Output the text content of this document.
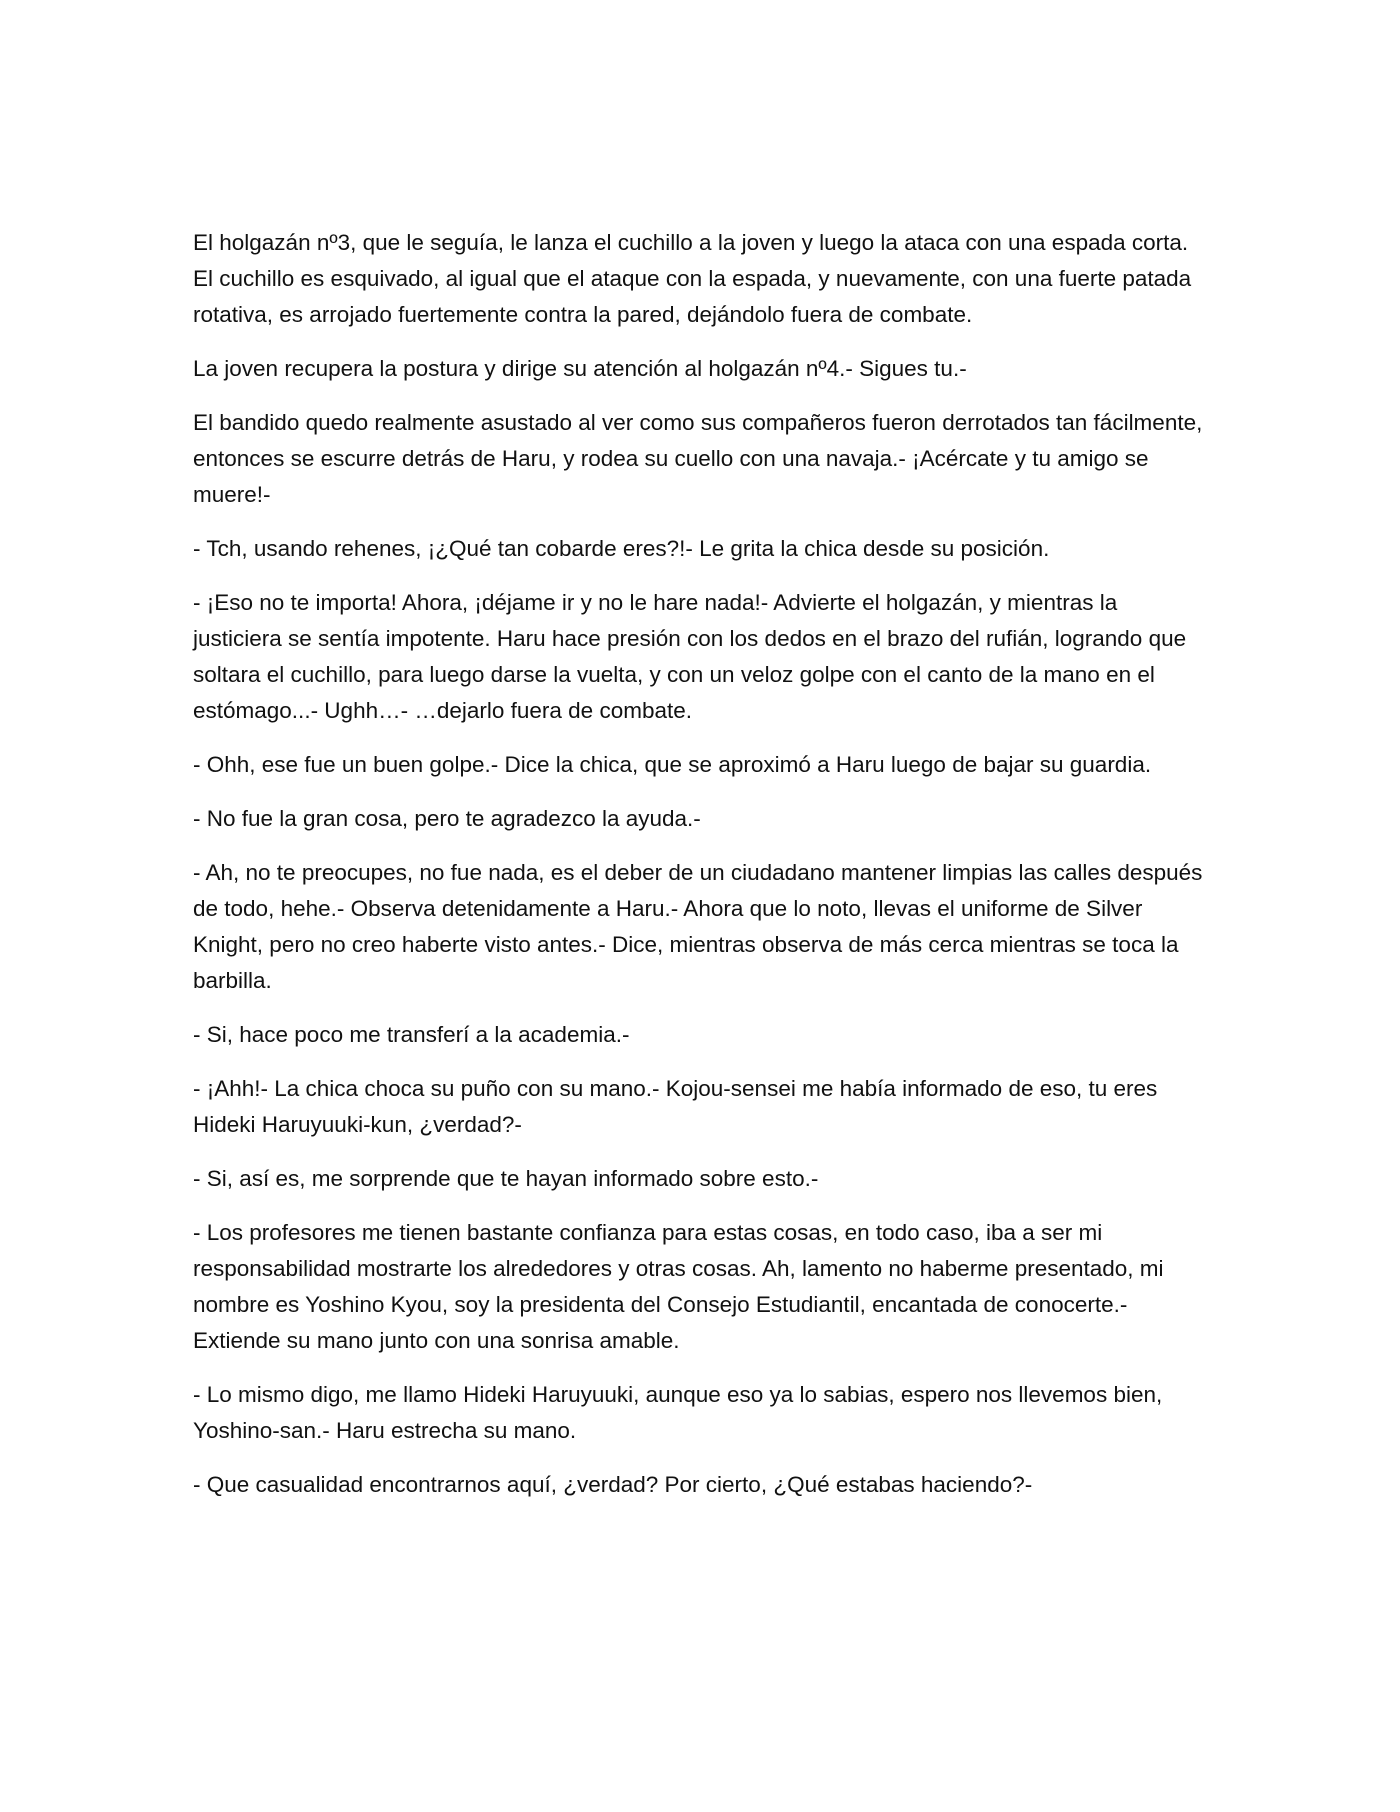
El holgazán nº3, que le seguía, le lanza el cuchillo a la joven y luego la ataca con una espada corta. El cuchillo es esquivado, al igual que el ataque con la espada, y nuevamente, con una fuerte patada rotativa, es arrojado fuertemente contra la pared, dejándolo fuera de combate.

La joven recupera la postura y dirige su atención al holgazán nº4.- Sigues tu.-

El bandido quedo realmente asustado al ver como sus compañeros fueron derrotados tan fácilmente, entonces se escurre detrás de Haru, y rodea su cuello con una navaja.- ¡Acércate y tu amigo se muere!-

- Tch, usando rehenes, ¡¿Qué tan cobarde eres?!- Le grita la chica desde su posición.

- ¡Eso no te importa! Ahora, ¡déjame ir y no le hare nada!- Advierte el holgazán, y mientras la justiciera se sentía impotente. Haru hace presión con los dedos en el brazo del rufián, logrando que soltara el cuchillo, para luego darse la vuelta, y con un veloz golpe con el canto de la mano en el estómago...- Ughh…- …dejarlo fuera de combate.

- Ohh, ese fue un buen golpe.- Dice la chica, que se aproximó a Haru luego de bajar su guardia.

- No fue la gran cosa, pero te agradezco la ayuda.-

- Ah, no te preocupes, no fue nada, es el deber de un ciudadano mantener limpias las calles después de todo, hehe.- Observa detenidamente a Haru.- Ahora que lo noto, llevas el uniforme de Silver Knight, pero no creo haberte visto antes.- Dice, mientras observa de más cerca mientras se toca la barbilla.

- Si, hace poco me transferí a la academia.-

- ¡Ahh!- La chica choca su puño con su mano.- Kojou-sensei me había informado de eso, tu eres Hideki Haruyuuki-kun, ¿verdad?-

- Si, así es, me sorprende que te hayan informado sobre esto.-

- Los profesores me tienen bastante confianza para estas cosas, en todo caso, iba a ser mi responsabilidad mostrarte los alrededores y otras cosas. Ah, lamento no haberme presentado, mi nombre es Yoshino Kyou, soy la presidenta del Consejo Estudiantil, encantada de conocerte.- Extiende su mano junto con una sonrisa amable.

- Lo mismo digo, me llamo Hideki Haruyuuki, aunque eso ya lo sabias, espero nos llevemos bien, Yoshino-san.- Haru estrecha su mano.

- Que casualidad encontrarnos aquí, ¿verdad? Por cierto, ¿Qué estabas haciendo?-
